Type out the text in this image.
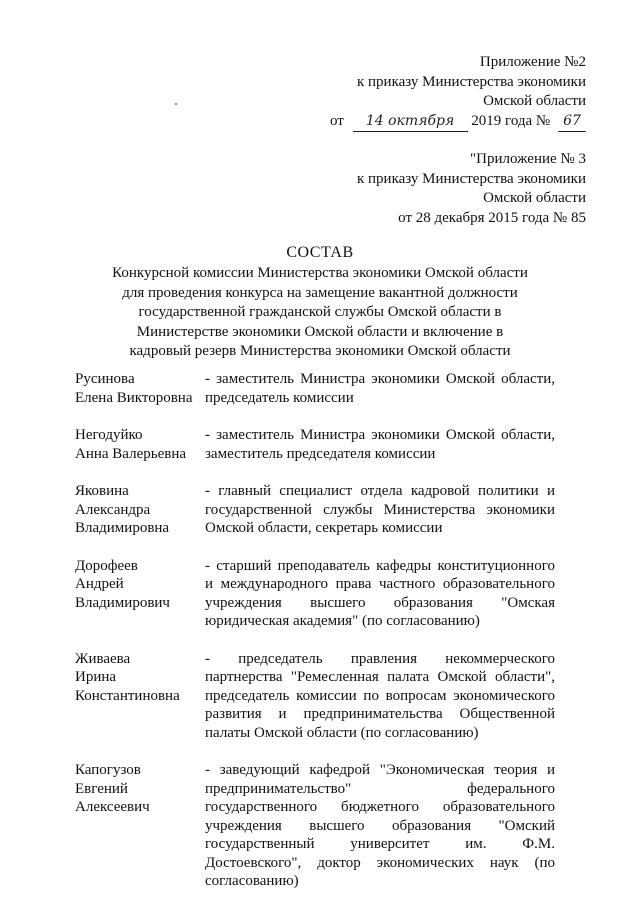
Приложение №2
к приказу Министерства экономики
Омской области
от 14 октября 2019 года № 67
"Приложение № 3
к приказу Министерства экономики
Омской области
от 28 декабря 2015 года № 85
СОСТАВ
Конкурсной комиссии Министерства экономики Омской области
для проведения конкурса на замещение вакантной должности
государственной гражданской службы Омской области в
Министерстве экономики Омской области и включение в
кадровый резерв Министерства экономики Омской области
Русинова
Елена Викторовна
- заместитель Министра экономики Омской области, председатель комиссии
Негодуйко
Анна Валерьевна
- заместитель Министра экономики Омской области, заместитель председателя комиссии
Яковина
Александра
Владимировна
- главный специалист отдела кадровой политики и государственной службы Министерства экономики Омской области, секретарь комиссии
Дорофеев
Андрей
Владимирович
- старший преподаватель кафедры конституционного и международного права частного образовательного учреждения высшего образования "Омская юридическая академия" (по согласованию)
Живаева
Ирина
Константиновна
- председатель правления некоммерческого партнерства "Ремесленная палата Омской области", председатель комиссии по вопросам экономического развития и предпринимательства Общественной палаты Омской области (по согласованию)
Капогузов
Евгений
Алексеевич
- заведующий кафедрой "Экономическая теория и предпринимательство" федерального государственного бюджетного образовательного учреждения высшего образования "Омский государственный университет им. Ф.М. Достоевского", доктор экономических наук (по согласованию)
